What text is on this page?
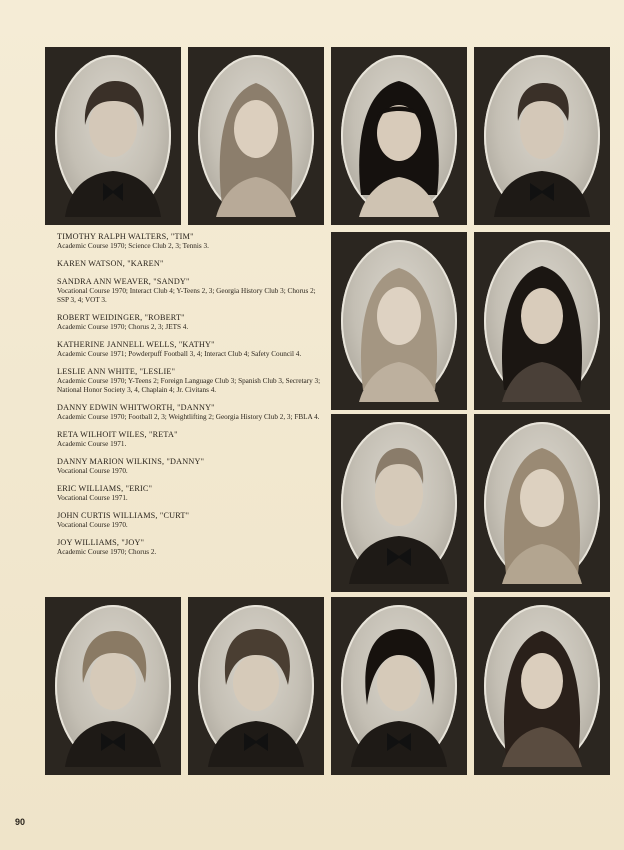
TIMOTHY RALPH WALTERS, "TIM"
Academic Course 1970; Science Club 2, 3; Tennis 3.
KAREN WATSON, "KAREN"
SANDRA ANN WEAVER, "SANDY"
Vocational Course 1970; Interact Club 4; Y-Teens 2, 3; Georgia History Club 3; Chorus 2; SSP 3, 4; VOT 3.
ROBERT WEIDINGER, "ROBERT"
Academic Course 1970; Chorus 2, 3; JETS 4.
KATHERINE JANNELL WELLS, "KATHY"
Academic Course 1971; Powderpuff Football 3, 4; Interact Club 4; Safety Council 4.
LESLIE ANN WHITE, "LESLIE"
Academic Course 1970; Y-Teens 2; Foreign Language Club 3; Spanish Club 3, Secretary 3; National Honor Society 3, 4, Chaplain 4; Jr. Civitans 4.
DANNY EDWIN WHITWORTH, "DANNY"
Academic Course 1970; Football 2, 3; Weightlifting 2; Georgia History Club 2, 3; FBLA 4.
RETA WILHOIT WILES, "RETA"
Academic Course 1971.
DANNY MARION WILKINS, "DANNY"
Vocational Course 1970.
ERIC WILLIAMS, "ERIC"
Vocational Course 1971.
JOHN CURTIS WILLIAMS, "CURT"
Vocational Course 1970.
JOY WILLIAMS, "JOY"
Academic Course 1970; Chorus 2.
90
